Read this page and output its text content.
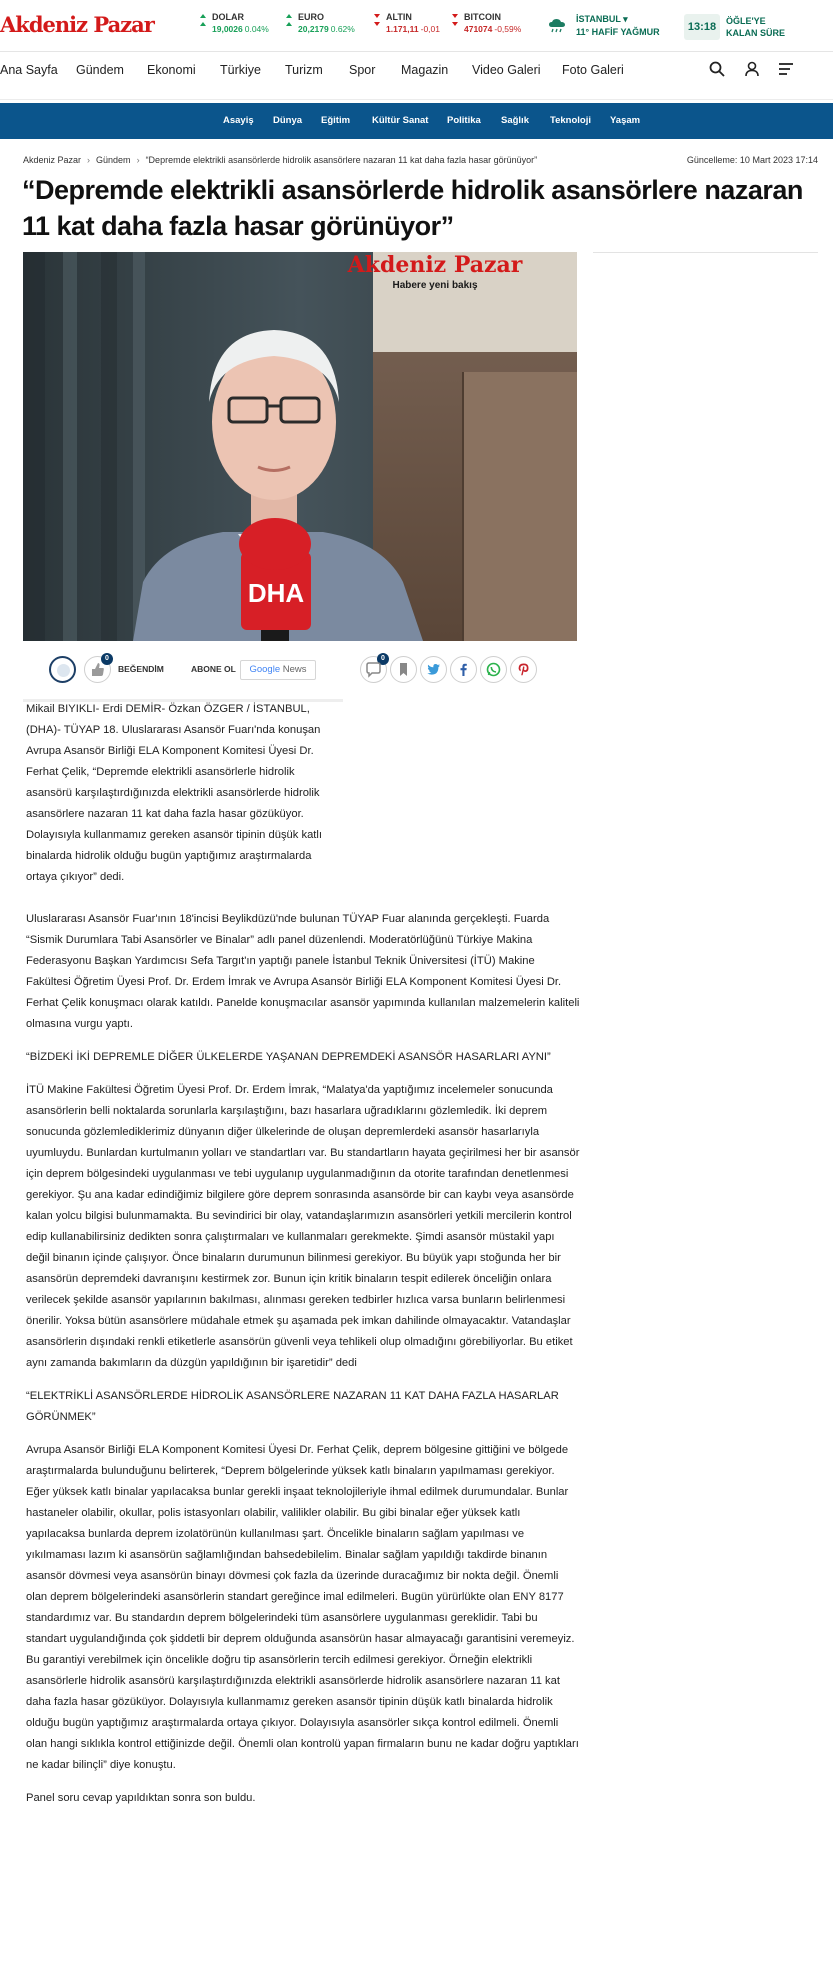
Akdeniz Pazar	DOLAR
19,0026 0.04%
EURO
20,2179 0.62%
ALTIN
1.171,11 -0,01
BITCOIN
471074 -0,59%
İSTANBUL ▾
11° HAFİF YAĞMUR	13:18	ÖĞLE'YE
KALAN SÜRE
Ana Sayfa Gündem Ekonomi Türkiye Turizm Spor Magazin Video Galeri Foto Galeri

Asayiş Dünya Eğitim Kültür Sanat Politika Sağlık Teknoloji Yaşam
Akdeniz Pazar › Gündem › “Depremde elektrikli asansörlerde hidrolik asansörlere nazaran 11 kat daha fazla hasar görünüyor”	Güncelleme: 10 Mart 2023 17:14
“Depremde elektrikli asansörlerde hidrolik asansörlere nazaran 11 kat daha fazla hasar görünüyor”
DHA
Akdeniz Pazar
Habere yeni bakış
0
BEĞENDİM	ABONE OL	Google News
0

Mikail BIYIKLI- Erdi DEMİR- Özkan ÖZGER / İSTANBUL, (DHA)- TÜYAP 18. Uluslararası Asansör Fuarı'nda konuşan Avrupa Asansör Birliği ELA Komponent Komitesi Üyesi Dr. Ferhat Çelik, “Depremde elektrikli asansörlerle hidrolik asansörü karşılaştırdığınızda elektrikli asansörlerde hidrolik asansörlere nazaran 11 kat daha fazla hasar gözüküyor. Dolayısıyla kullanmamız gereken asansör tipinin düşük katlı binalarda hidrolik olduğu bugün yaptığımız araştırmalarda ortaya çıkıyor” dedi.

Uluslararası Asansör Fuar'ının 18'incisi Beylikdüzü'nde bulunan TÜYAP Fuar alanında gerçekleşti. Fuarda “Sismik Durumlara Tabi Asansörler ve Binalar” adlı panel düzenlendi. Moderatörlüğünü Türkiye Makina Federasyonu Başkan Yardımcısı Sefa Targıt'ın yaptığı panele İstanbul Teknik Üniversitesi (İTÜ) Makine Fakültesi Öğretim Üyesi Prof. Dr. Erdem İmrak ve Avrupa Asansör Birliği ELA Komponent Komitesi Üyesi Dr. Ferhat Çelik konuşmacı olarak katıldı. Panelde konuşmacılar asansör yapımında kullanılan malzemelerin kaliteli olmasına vurgu yaptı.

“BİZDEKİ İKİ DEPREMLE DİĞER ÜLKELERDE YAŞANAN DEPREMDEKİ ASANSÖR HASARLARI AYNI”

İTÜ Makine Fakültesi Öğretim Üyesi Prof. Dr. Erdem İmrak, “Malatya'da yaptığımız incelemeler sonucunda asansörlerin belli noktalarda sorunlarla karşılaştığını, bazı hasarlara uğradıklarını gözlemledik. İki deprem sonucunda gözlemlediklerimiz dünyanın diğer ülkelerinde de oluşan depremlerdeki asansör hasarlarıyla uyumluydu. Bunlardan kurtulmanın yolları ve standartları var. Bu standartların hayata geçirilmesi her bir asansör için deprem bölgesindeki uygulanması ve tebi uygulanıp uygulanmadığının da otorite tarafından denetlenmesi gerekiyor. Şu ana kadar edindiğimiz bilgilere göre deprem sonrasında asansörde bir can kaybı veya asansörde kalan yolcu bilgisi bulunmamakta. Bu sevindirici bir olay, vatandaşlarımızın asansörleri yetkili mercilerin kontrol edip kullanabilirsiniz dedikten sonra çalıştırmaları ve kullanmaları gerekmekte. Şimdi asansör müstakil yapı değil binanın içinde çalışıyor. Önce binaların durumunun bilinmesi gerekiyor. Bu büyük yapı stoğunda her bir asansörün depremdeki davranışını kestirmek zor. Bunun için kritik binaların tespit edilerek önceliğin onlara verilecek şekilde asansör yapılarının bakılması, alınması gereken tedbirler hızlıca varsa bunların belirlenmesi önerilir. Yoksa bütün asansörlere müdahale etmek şu aşamada pek imkan dahilinde olmayacaktır. Vatandaşlar asansörlerin dışındaki renkli etiketlerle asansörün güvenli veya tehlikeli olup olmadığını görebiliyorlar. Bu etiket aynı zamanda bakımların da düzgün yapıldığının bir işaretidir” dedi

“ELEKTRİKLİ ASANSÖRLERDE HİDROLİK ASANSÖRLERE NAZARAN 11 KAT DAHA FAZLA HASARLAR GÖRÜNMEK”

Avrupa Asansör Birliği ELA Komponent Komitesi Üyesi Dr. Ferhat Çelik, deprem bölgesine gittiğini ve bölgede araştırmalarda bulunduğunu belirterek, “Deprem bölgelerinde yüksek katlı binaların yapılmaması gerekiyor. Eğer yüksek katlı binalar yapılacaksa bunlar gerekli inşaat teknolojileriyle ihmal edilmek durumundalar. Bunlar hastaneler olabilir, okullar, polis istasyonları olabilir, valilikler olabilir. Bu gibi binalar eğer yüksek katlı yapılacaksa bunlarda deprem izolatörünün kullanılması şart. Öncelikle binaların sağlam yapılması ve yıkılmaması lazım ki asansörün sağlamlığından bahsedebilelim. Binalar sağlam yapıldığı takdirde binanın asansör dövmesi veya asansörün binayı dövmesi çok fazla da üzerinde duracağımız bir nokta değil. Önemli olan deprem bölgelerindeki asansörlerin standart gereğince imal edilmeleri. Bugün yürürlükte olan ENY 8177 standardımız var. Bu standardın deprem bölgelerindeki tüm asansörlere uygulanması gereklidir. Tabi bu standart uygulandığında çok şiddetli bir deprem olduğunda asansörün hasar almayacağı garantisini veremeyiz. Bu garantiyi verebilmek için öncelikle doğru tip asansörlerin tercih edilmesi gerekiyor. Örneğin elektrikli asansörlerle hidrolik asansörü karşılaştırdığınızda elektrikli asansörlerde hidrolik asansörlere nazaran 11 kat daha fazla hasar gözüküyor. Dolayısıyla kullanmamız gereken asansör tipinin düşük katlı binalarda hidrolik olduğu bugün yaptığımız araştırmalarda ortaya çıkıyor. Dolayısıyla asansörler sıkça kontrol edilmeli. Önemli olan hangi sıklıkla kontrol ettiğinizde değil. Önemli olan kontrolü yapan firmaların bunu ne kadar doğru yaptıkları ne kadar bilinçli” diye konuştu.

Panel soru cevap yapıldıktan sonra son buldu.
